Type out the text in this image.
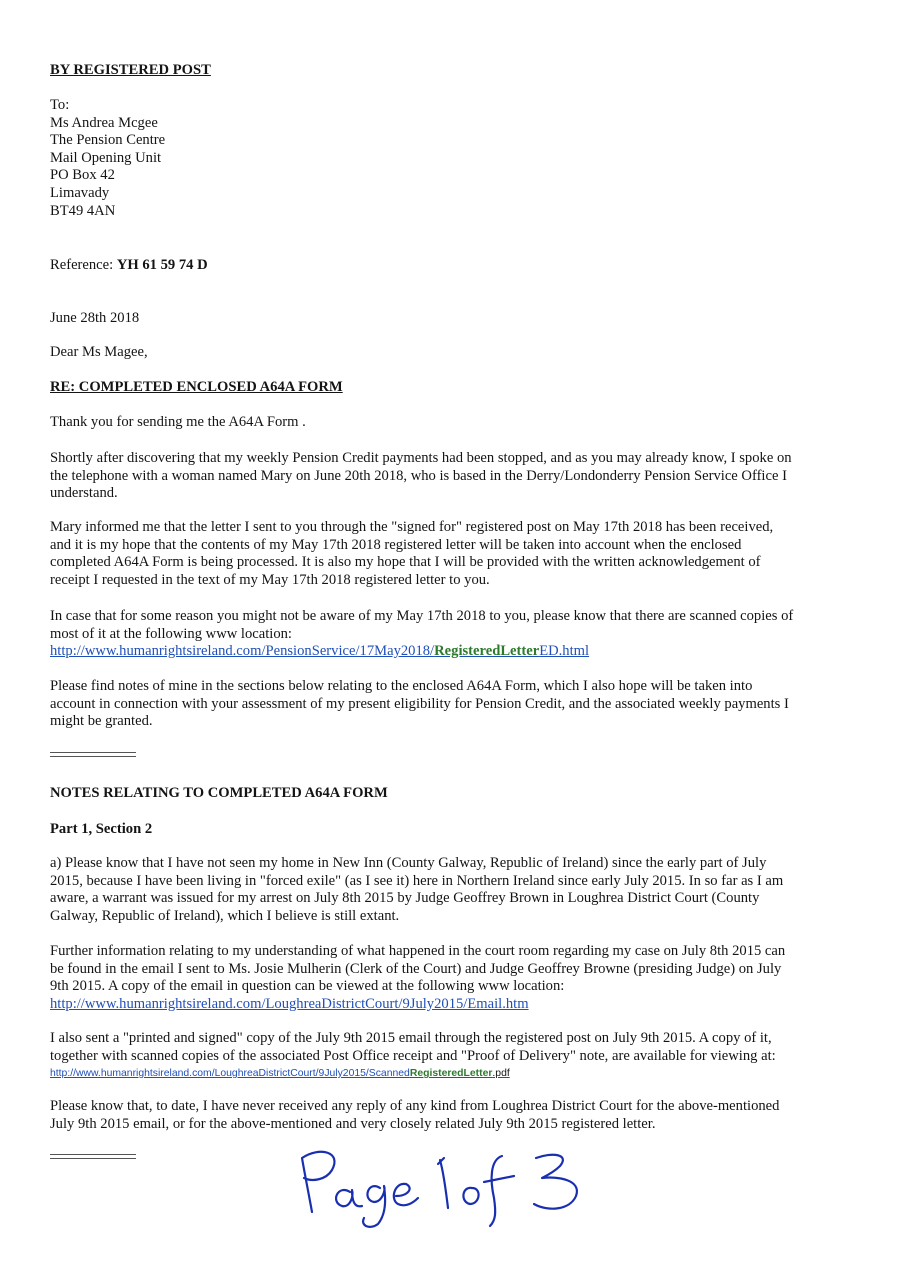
BY REGISTERED POST
To:
Ms Andrea Mcgee
The Pension Centre
Mail Opening Unit
PO Box 42
Limavady
BT49 4AN
Reference: YH 61 59 74 D
June 28th 2018
Dear Ms Magee,
RE: COMPLETED ENCLOSED A64A FORM
Thank you for sending me the A64A Form .
Shortly after discovering that my weekly Pension Credit payments had been stopped, and as you may already know, I spoke on
the telephone with a woman named Mary on June 20th 2018, who is based in the Derry/Londonderry Pension Service Office I
understand.
Mary informed me that the letter I sent to you through the "signed for" registered post on May 17th 2018 has been received,
and it is my hope that the contents of my May 17th 2018 registered letter will be taken into account when the enclosed
completed A64A Form is being processed. It is also my hope that I will be provided with the written acknowledgement of
receipt I requested in the text of my May 17th 2018 registered letter to you.
In case that for some reason you might not be aware of my May 17th 2018 to you, please know that there are scanned copies of
most of it at the following www location:
http://www.humanrightsireland.com/PensionService/17May2018/RegisteredLetterED.html
Please find notes of mine in the sections below relating to the enclosed A64A Form, which I also hope will be taken into
account in connection with your assessment of my present eligibility for Pension Credit, and the associated weekly payments I
might be granted.
NOTES RELATING TO COMPLETED A64A FORM
Part 1, Section 2
a) Please know that I have not seen my home in New Inn (County Galway, Republic of Ireland) since the early part of July
2015, because I have been living in "forced exile" (as I see it) here in Northern Ireland since early July 2015. In so far as I am
aware, a warrant was issued for my arrest on July 8th 2015 by Judge Geoffrey Brown in Loughrea District Court (County
Galway, Republic of Ireland), which I believe is still extant.
Further information relating to my understanding of what happened in the court room regarding my case on July 8th 2015 can
be found in the email I sent to Ms. Josie Mulherin (Clerk of the Court) and Judge Geoffrey Browne (presiding Judge) on July
9th 2015. A copy of the email in question can be viewed at the following www location:
http://www.humanrightsireland.com/LoughreaDistrictCourt/9July2015/Email.htm
I also sent a "printed and signed" copy of the July 9th 2015 email through the registered post on July 9th 2015. A copy of it,
together with scanned copies of the associated Post Office receipt and "Proof of Delivery" note, are available for viewing at:
http://www.humanrightsireland.com/LoughreaDistrictCourt/9July2015/ScannedRegisteredLetter.pdf
Please know that, to date, I have never received any reply of any kind from Loughrea District Court for the above-mentioned
July 9th 2015 email, or for the above-mentioned and very closely related July 9th 2015 registered letter.
